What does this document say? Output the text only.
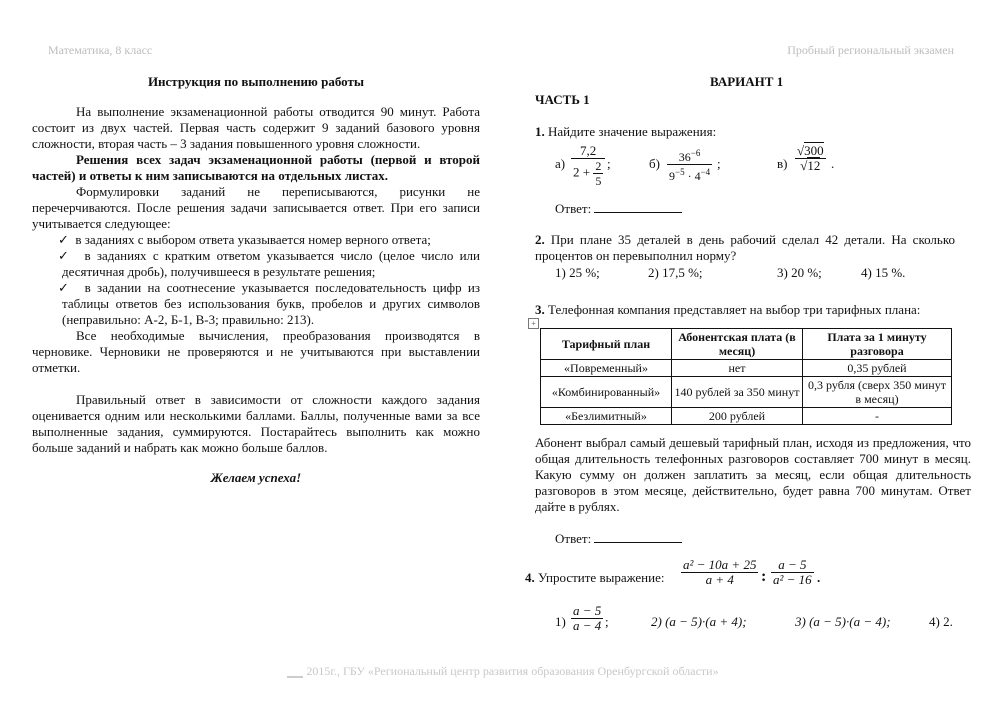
Математика, 8 класс	Пробный региональный экзамен

Инструкция по выполнению работы

На выполнение экзаменационной работы отводится 90 минут. Работа состоит из двух частей. Первая часть содержит 9 заданий базового уровня сложности, вторая часть – 3 задания повышенного уровня сложности.

Решения всех задач экзаменационной работы (первой и второй частей) и ответы к ним записываются на отдельных листах.

Формулировки заданий не переписываются, рисунки не перечерчиваются. После решения задачи записывается ответ. При его записи учитывается следующее:

✓ в заданиях с выбором ответа указывается номер верного ответа;

✓ в заданиях с кратким ответом указывается число (целое число или десятичная дробь), получившееся в результате решения;

✓ в задании на соотнесение указывается последовательность цифр из таблицы ответов без использования букв, пробелов и других символов (неправильно: А-2, Б-1, В-3; правильно: 213).

Все необходимые вычисления, преобразования производятся в черновике. Черновики не проверяются и не учитываются при выставлении отметки.

Правильный ответ в зависимости от сложности каждого задания оценивается одним или несколькими баллами. Баллы, полученные вами за все выполненные задания, суммируются. Постарайтесь выполнить как можно больше заданий и набрать как можно больше баллов.

Желаем успеха!

ВАРИАНТ 1
ЧАСТЬ 1
1. Найдите значение выражения:
$а) \frac{7,2}{2 + \frac{2}{5}}$ ;	$б) \frac{36^{-6}}{9^{-5} \cdot 4^{-4}}$ ;	$в) \frac{√300}{√12}$ .
Ответ:

2. При плане 35 деталей в день рабочий сделал 42 детали. На сколько процентов он перевыполнил норму?

1) 25 %;	2) 17,5 %;	3) 20 %;	4) 15 %.
3. Телефонная компания представляет на выбор три тарифных плана:
+
Тарифный план	Абонентская плата (в месяц)	Плата за 1 минуту разговора
«Повременный»	нет	0,35 рублей
«Комбинированный»	140 рублей за 350 минут	0,3 рубля (сверх 350 минут в месяц)
«Безлимитный»	200 рублей	-
Абонент выбрал самый дешевый тарифный план, исходя из предложения, что общая длительность телефонных разговоров составляет 700 минут в месяц. Какую сумму он должен заплатить за месяц, если общая длительность разговоров в этом месяце, действительно, будет равна 700 минутам. Ответ дайте в рублях.
Ответ:
4. Упростите выражение: $\frac{\text{a² − 10a + 25}}{a + 4}$ : $\frac{a - 5}{\text{a² − 16}}$ .
$1) \frac{a - 5}{a - 4}$ ;	2) (a − 5)·(a + 4);	3) (a − 5)·(a − 4);	4) 2.
2015г., ГБУ «Региональный центр развития образования Оренбургской области»
